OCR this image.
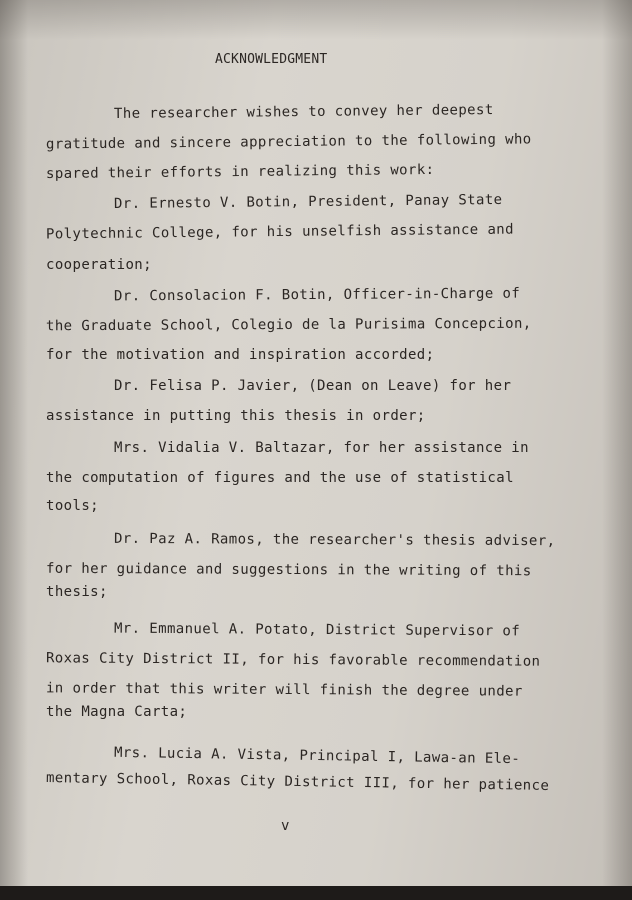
ACKNOWLEDGMENT
The researcher wishes to convey her deepest
gratitude and sincere appreciation to the following who
spared their efforts in realizing this work:
Dr. Ernesto V. Botin, President, Panay State
Polytechnic College, for his unselfish assistance and
cooperation;
Dr. Consolacion F. Botin, Officer-in-Charge of
the Graduate School, Colegio de la Purisima Concepcion,
for the motivation and inspiration accorded;
Dr. Felisa P. Javier, (Dean on Leave) for her
assistance in putting this thesis in order;
Mrs. Vidalia V. Baltazar, for her assistance in
the computation of figures and the use of statistical
tools;
Dr. Paz A. Ramos, the researcher's thesis adviser,
for her guidance and suggestions in the writing of this
thesis;
Mr. Emmanuel A. Potato, District Supervisor of
Roxas City District II, for his favorable recommendation
in order that this writer will finish the degree under
the Magna Carta;
Mrs. Lucia A. Vista, Principal I, Lawa-an Ele-
mentary School, Roxas City District III, for her patience
v
